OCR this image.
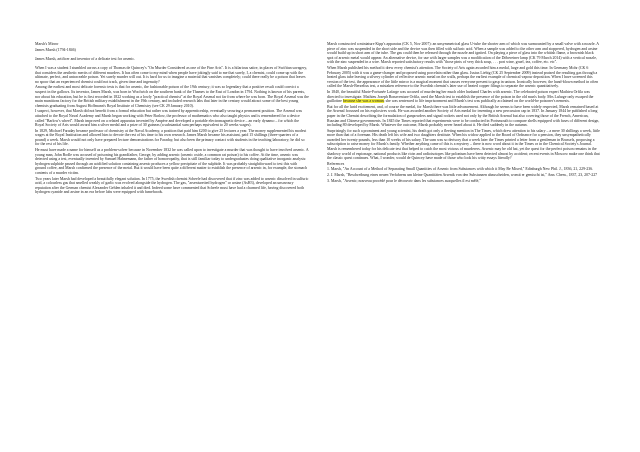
Marsh's Mirror

James Marsh (1794-1846)

James Marsh, artificer and inventor of a delicate test for arsenic.

When I was a student I stumbled across a copy of Thomas de Quincey's "On Murder Considered as one of the Fine Arts". It is a hilarious satire, in places of Swiftian savagery, that considers the aesthetic merits of different murders. It has often come to my mind when people have jokingly said to me that surely, I, a chemist, could come up with the ultimate, perfect, and untraceable poison. Yet surely murder will out. It is hard for us to imagine a material that vanishes completely; could there really be a poison that leaves no spoor that an experienced chemist could not track, given time and ingenuity?

Among the earliest and most delicate forensic tests is that for arsenic, the fashionable poison of the 19th century; it was so legendary that a positive result could convict a suspect in the gallows. Its inventor, James Marsh, was born in Woolwich on the southern bank of the Thames to the East of London in 1794. Nothing is known of his parents, nor about his education, but he is first recorded in 1822 working as a lowly "practical chemist" at the Royal Arsenal not far from where he was born. The Royal Arsenal was the main munitions factory for the British military establishment in the 19th century, and included research labs that later in the century would attract some of the best young chemists graduating from August Hoffmann's Royal Institute of Chemistry (see CK 29 January 2010).

I suspect, however, that Marsh did not benefit from a formal education but rather was trained by apprenticeship, eventually securing a permanent position. The Arsenal was attached to the Royal Naval Academy and Marsh began working with Peter Barlow, the professor of mathematics who also taught physics and is remembered for a device called "Barlow's wheel". Marsh improved on a related apparatus invented by Ampère and developed a portable electromagnetic device – an early dynamo – for which the Royal Society of Arts would award him a silver medal and a prize of 30 guineas (a substantial sum perhaps equivalent to 20 weeks wages).

In 1829, Michael Faraday became professor of chemistry at the Naval Academy, a position that paid him £200 to give 25 lectures a year. The money supplemented his modest wages at the Royal Institution and allowed him to devote the rest of his time to his own research. James Marsh became his assistant, paid 15 shillings (three-quarters of a pound) a week. Marsh would not only have prepared lecture demonstrations for Faraday, but also been the primary contact with students in the teaching laboratory; he did so for the rest of his life.

He must have made a name for himself as a problem-solver because in November 1832 he was called upon to investigate a murder that was thought to have involved arsenic. A young man, John Bodle was accused of poisoning his grandfather, George, by adding arsenic (arsenic oxide, a common rat poison) to his coffee. At the time, arsenic was detected using a test, eventually invented by Samuel Hahnemann, the father of homoeopathy, that is still familiar today to undergraduates doing qualitative inorganic analysis: hydrogen sulphide passed through an acidified solution containing arsenic produces a yellow precipitate of the sulphide. It was probably straightforward to test this with ground coffee, and Marsh confirmed the presence of the metal. But it would have been quite a different matter to establish the presence of arsenic in, for example, the stomach contents of a murder victim.

Two years later Marsh had developed a beautifully elegant solution. In 1775, the Swedish chemist Scheele had discovered that if zinc was added to arsenic dissolved in sulfuric acid, a colourless gas that smelled weakly of garlic was evolved alongside the hydrogen. The gas, "arseniuretted hydrogen" or arsine (AsH3), developed an unsavoury reputation after the German chemist Alexander Gehlen inhaled it and died. Indeed some have commented that Scheele must have had a charmed life, having discovered both hydrogen cyanide and arsine in an era before labs were equipped with fumehoods.

Marsh constructed a miniature Kipp's apparatus (CK 5, Nov 2007): an unsymmetrical glass U-tube the shorter arm of which was surmounted by a small valve with a nozzle. A piece of zinc was suspended in the short side and the device was then filled with sulfuric acid. When a sample was added to the other arm and stoppered, hydrogen and arsine would build up in short arm of the tube. The gas could then be released through the nozzle and ignited. On playing a piece of glass into the whitish flame, a brownish black spot of arsenic metal would appear. An alternative device, for use with larger samples was a modification of the Döbereiner lamp (CK 79 March 2014) with a vertical nozzle, with the zinc suspended in a wire. Marsh reported satisfactory results with "those pints of very thick soup, . . . port wine, gruel, tea, coffee, etc. etc".

When Marsh published his method it drew every chemist's attention. The Society of Arts again awarded him a medal, large and gold this time. In Germany Mohr (CK 6 February 2005) with it was a game-changer and proposed using porcelain rather than glass. Justus Liebig (CK 25 September 2009) instead praised the resulting gas through a heated glass tube leaving a silvery cylinder of reflective arsenic metal on the walls, perhaps the earliest example of chemical vapour deposition. When I have screened this version of the test, the appearance of the little mirror is a magical moment that causes everyone present to gasp in unison. Ironically however, the hand-blown method in often called the Marsh-Berzelius test, a mistaken reference to the Swedish chemist's later use of heated copper filings to separate the arsenic quantitatively.

In 1840, the beautiful Marie-Fortunée Lafarge was accused of murdering her much older husband Charles with arsenic. The celebrated poison expert Mathieu Orfila was directed to investigate. Mathieu Joseph Bonaventure Orfila, used the Marsh test to establish the presence of the poison in the old man's body. Mrs Lafarge only escaped the guillotine because she was a woman; she was sentenced to life imprisonment and Marsh's test was publically acclaimed on the world-be poisoner's nemesis.

But for all the lurid excitement, and, of course the medal, for Marsh there was little advancement. Although he seems to have been widely respected, Marsh remained based at the Arsenal focussed on his explosives work. He was awarded another Society of Arts medal for inventing a new percussion cap in 1837. In January 1844 he published a long paper in the Chemist describing the formulation of gunpowders and signal rockets used not only by the British Arsenal but also covering those of the French, American, Russian and Chinese governments. In 1845 the Times reported that experiments were to be conducted in Portsmouth to compare shells equipped with fuses of different design, including 80 developed by Marsh. Whatever the outcome, Marsh probably never heard about it. He died suddenly in the autumn.

Surprisingly for such a prominent and young scientist, his death got only a fleeting mention in The Times, which drew attention to his salary – a mere 30 shillings a week, little more than that of a foreman. His death left his wife and two daughters destitute. When his widow applied to the Board of Ordnance for a pension, they unsympathetically awarded her twenty pounds, less than 10 weeks of his salary. The sum was so derisory that a week later the Times printed a letter from a gentleman in Brussels, proposing a subscription to raise money for Marsh's family. Whether anything came of this is a mystery – there is now word about it in the Times or in the Chemical Society's Journal. Marsh is remembered today for his delicate test that helped to catch the most vicious of murderers. Arsenic may be old hat, yet the quest for the perfect poison remains in the shadowy world of espionage, national products like ricin and radioisotopes like polonium have been detected almost by accident; recent events in Moscow make one think that the classic quest continues. What, I wonder, would de Quincey have made of those who look his witty essays literally?

References

1. Marsh, "An Account of a Method of Separating Small Quantities of Arsenic from Substances with which it May Be Mixed," Edinburgh New Phil. J., 1836, 21, 229-236.

2. J. Marsh, "Beschreibung eines neuen Verfahrens um kleine Quantitäten Arsenik von den Substanzen abzuscheiden, womit er gemischt ist," Ann. Chem., 1837, 23, 207-227

3. Marsh, "Arsenic; nouveau procédé pour le découvrir dans les substances auxquelles il est mêlé,"
